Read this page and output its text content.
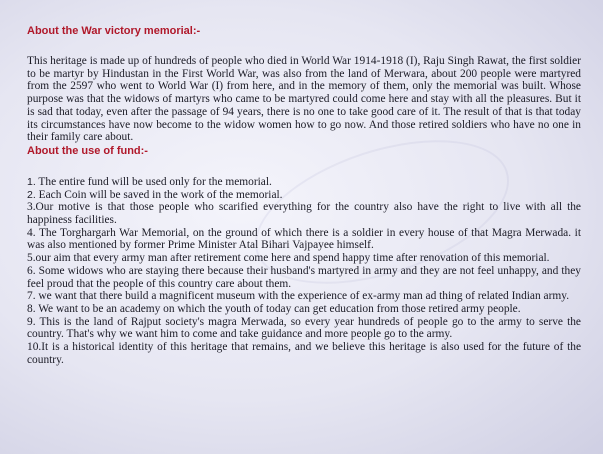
About the War victory memorial:-

This heritage is made up of hundreds of people who died in World War 1914-1918 (I), Raju Singh Rawat, the first soldier to be martyr by Hindustan in the First World War, was also from the land of Merwara, about 200 people were martyred from the 2597 who went to World War (I) from here, and in the memory of them, only the memorial was built. Whose purpose was that the widows of martyrs who came to be martyred could come here and stay with all the pleasures. But it is sad that today, even after the passage of 94 years, there is no one to take good care of it. The result of that is that today its circumstances have now become to the widow women how to go now. And those retired soldiers who have no one in their family care about.

About the use of fund:-
1. The entire fund will be used only for the memorial.
2. Each Coin will be saved in the work of the memorial.
3.Our motive is that those people who scarified everything for the country also have the right to live with all the happiness facilities.
4. The Torghargarh War Memorial, on the ground of which there is a soldier in every house of that Magra Merwada. it was also mentioned by former Prime Minister Atal Bihari Vajpayee himself.
5.our aim that every army man after retirement come here and spend happy time after renovation of this memorial.
6. Some widows who are staying there because their husband's martyred in army and they are not feel unhappy, and they feel proud that the people of this country care about them.
7. we want that there build a magnificent museum with the experience of ex-army man ad thing of related Indian army.
8. We want to be an academy on which the youth of today can get education from those retired army people.
9. This is the land of Rajput society's magra Merwada, so every year hundreds of people go to the army to serve the country. That's why we want him to come and take guidance and more people go to the army.
10.It is a historical identity of this heritage that remains, and we believe this heritage is also used for the future of the country.
